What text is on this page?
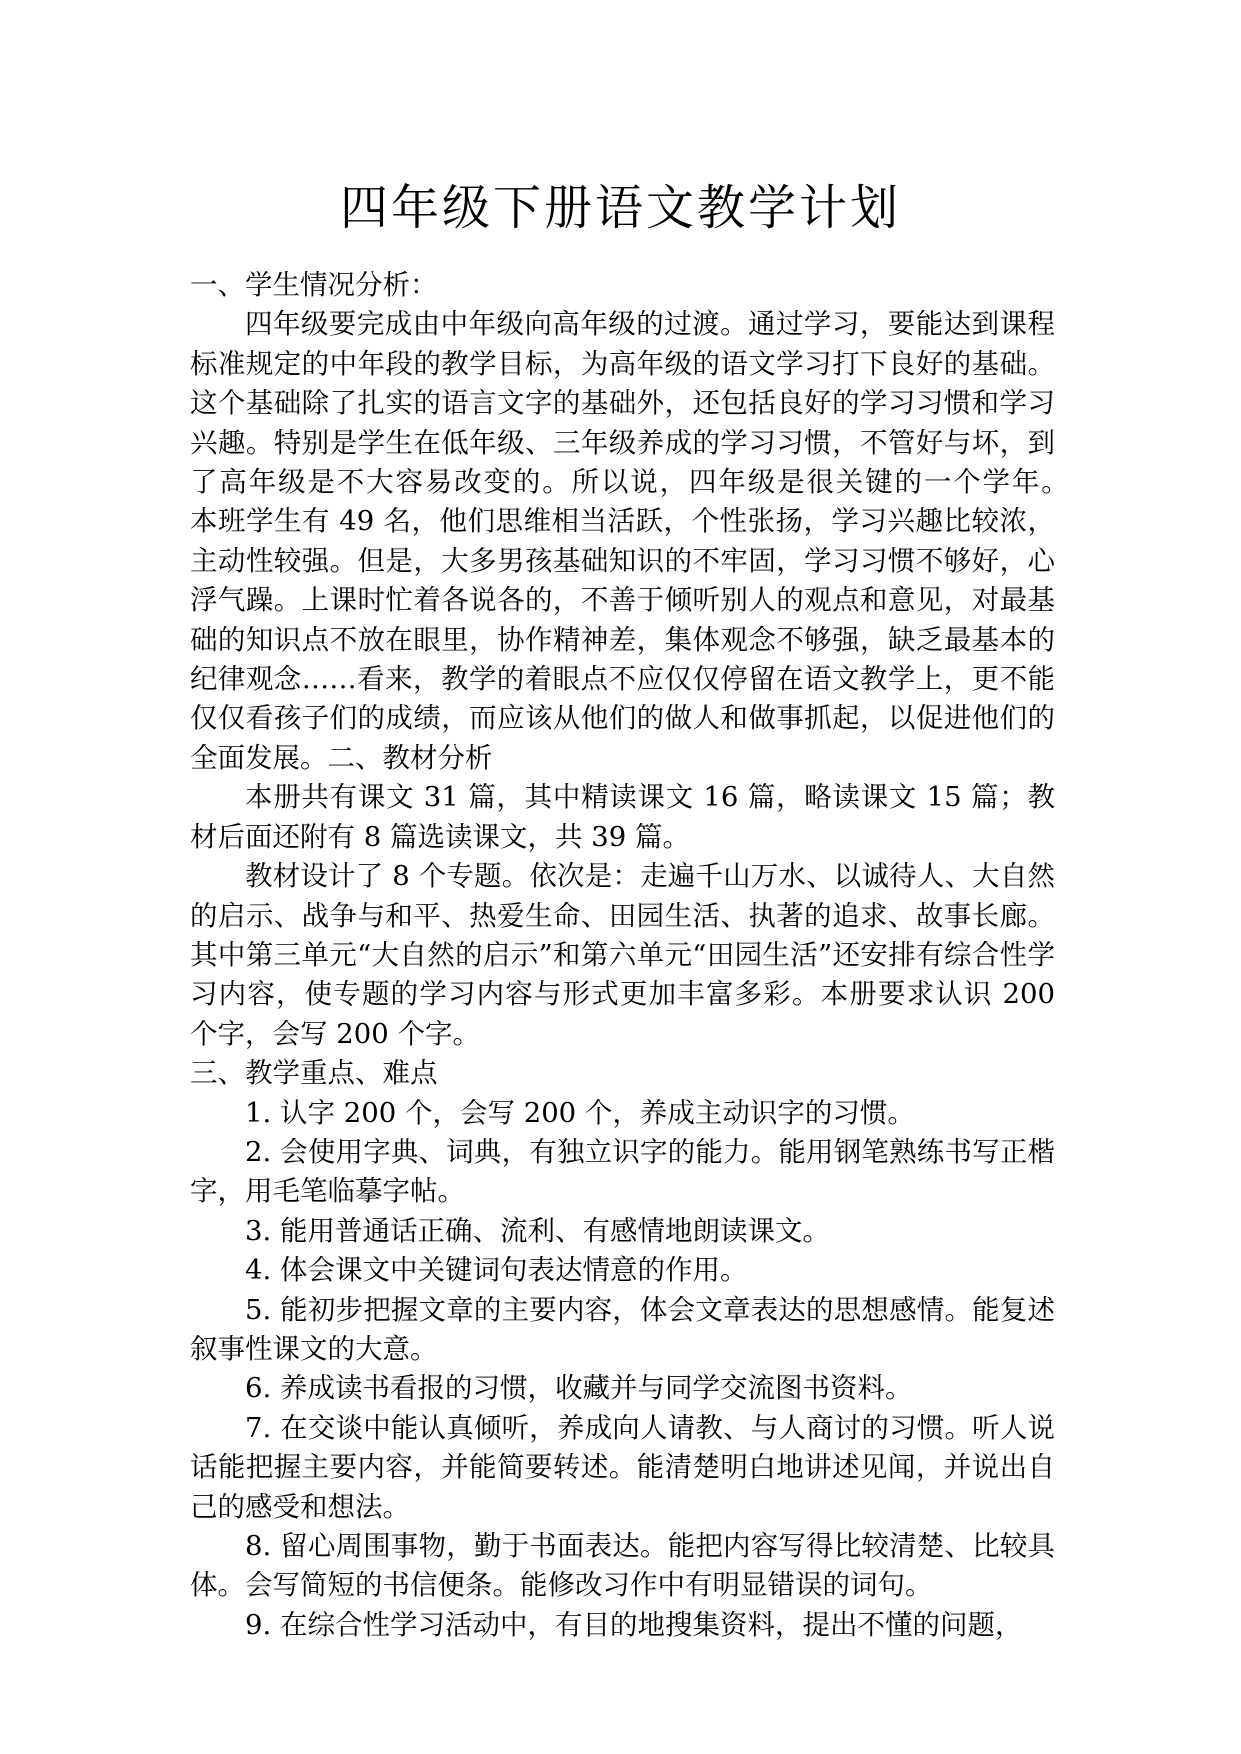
四年级下册语文教学计划

一、学生情况分析：

四年级要完成由中年级向高年级的过渡。通过学习，要能达到课程标准规定的中年段的教学目标，为高年级的语文学习打下良好的基础。这个基础除了扎实的语言文字的基础外，还包括良好的学习习惯和学习兴趣。特别是学生在低年级、三年级养成的学习习惯，不管好与坏，到了高年级是不大容易改变的。所以说，四年级是很关键的一个学年。　　本班学生有 49 名，他们思维相当活跃，个性张扬，学习兴趣比较浓，主动性较强。但是，大多男孩基础知识的不牢固，学习习惯不够好，心浮气躁。上课时忙着各说各的，不善于倾听别人的观点和意见，对最基础的知识点不放在眼里，协作精神差，集体观念不够强，缺乏最基本的纪律观念……看来，教学的着眼点不应仅仅停留在语文教学上，更不能仅仅看孩子们的成绩，而应该从他们的做人和做事抓起，以促进他们的全面发展。二、教材分析

本册共有课文 31 篇，其中精读课文 16 篇，略读课文 15 篇；教材后面还附有 8 篇选读课文，共 39 篇。

教材设计了 8 个专题。依次是：走遍千山万水、以诚待人、大自然的启示、战争与和平、热爱生命、田园生活、执著的追求、故事长廊。其中第三单元“大自然的启示”和第六单元“田园生活”还安排有综合性学习内容，使专题的学习内容与形式更加丰富多彩。本册要求认识 200 个字，会写 200 个字。

三、教学重点、难点

1. 认字 200 个，会写 200 个，养成主动识字的习惯。

2. 会使用字典、词典，有独立识字的能力。能用钢笔熟练书写正楷字，用毛笔临摹字帖。

3. 能用普通话正确、流利、有感情地朗读课文。

4. 体会课文中关键词句表达情意的作用。

5. 能初步把握文章的主要内容，体会文章表达的思想感情。能复述叙事性课文的大意。

6. 养成读书看报的习惯，收藏并与同学交流图书资料。

7. 在交谈中能认真倾听，养成向人请教、与人商讨的习惯。听人说话能把握主要内容，并能简要转述。能清楚明白地讲述见闻，并说出自己的感受和想法。

8. 留心周围事物，勤于书面表达。能把内容写得比较清楚、比较具体。会写简短的书信便条。能修改习作中有明显错误的词句。

9. 在综合性学习活动中，有目的地搜集资料，提出不懂的问题，
